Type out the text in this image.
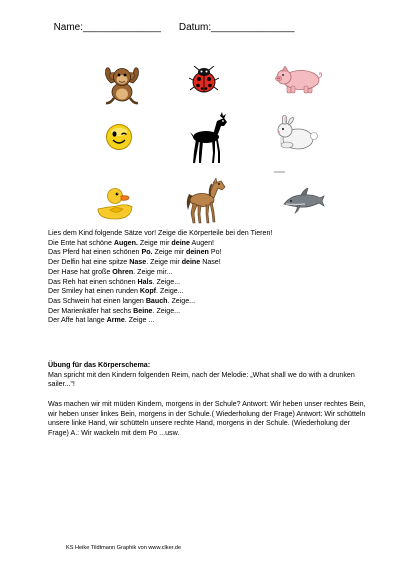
Name:______________ Datum:_______________

Lies dem Kind folgende Sätze vor! Zeige die Körperteile bei den Tieren!
Die Ente hat schöne Augen. Zeige mir deine Augen!
Das Pferd hat einen schönen Po. Zeige mir deinen Po!
Der Delfin hat eine spitze Nase. Zeige mir deine Nase!
Der Hase hat große Ohren. Zeige mir...
Das Reh hat einen schönen Hals. Zeige...
Der Smiley hat einen runden Kopf. Zeige...
Das Schwein hat einen langen Bauch. Zeige...
Der Marienkäfer hat sechs Beine. Zeige...
Der Affe hat lange Arme. Zeige ...
Übung für das Körperschema:

Man spricht mit den Kindern folgenden Reim, nach der Melodie: „What shall we do with a drunken sailer...“!

Was machen wir mit müden Kindern, morgens in der Schule? Antwort: Wir heben unser rechtes Bein, wir heben unser linkes Bein, morgens in der Schule.( Wiederholung der Frage) Antwort: Wir schütteln unsere linke Hand, wir schütteln unsere rechte Hand, morgens in der Schule. (Wiederholung der Frage) A.: Wir wackeln mit dem Po ...usw.

KS Heike Tildtmann Graphik von www.clker.de
